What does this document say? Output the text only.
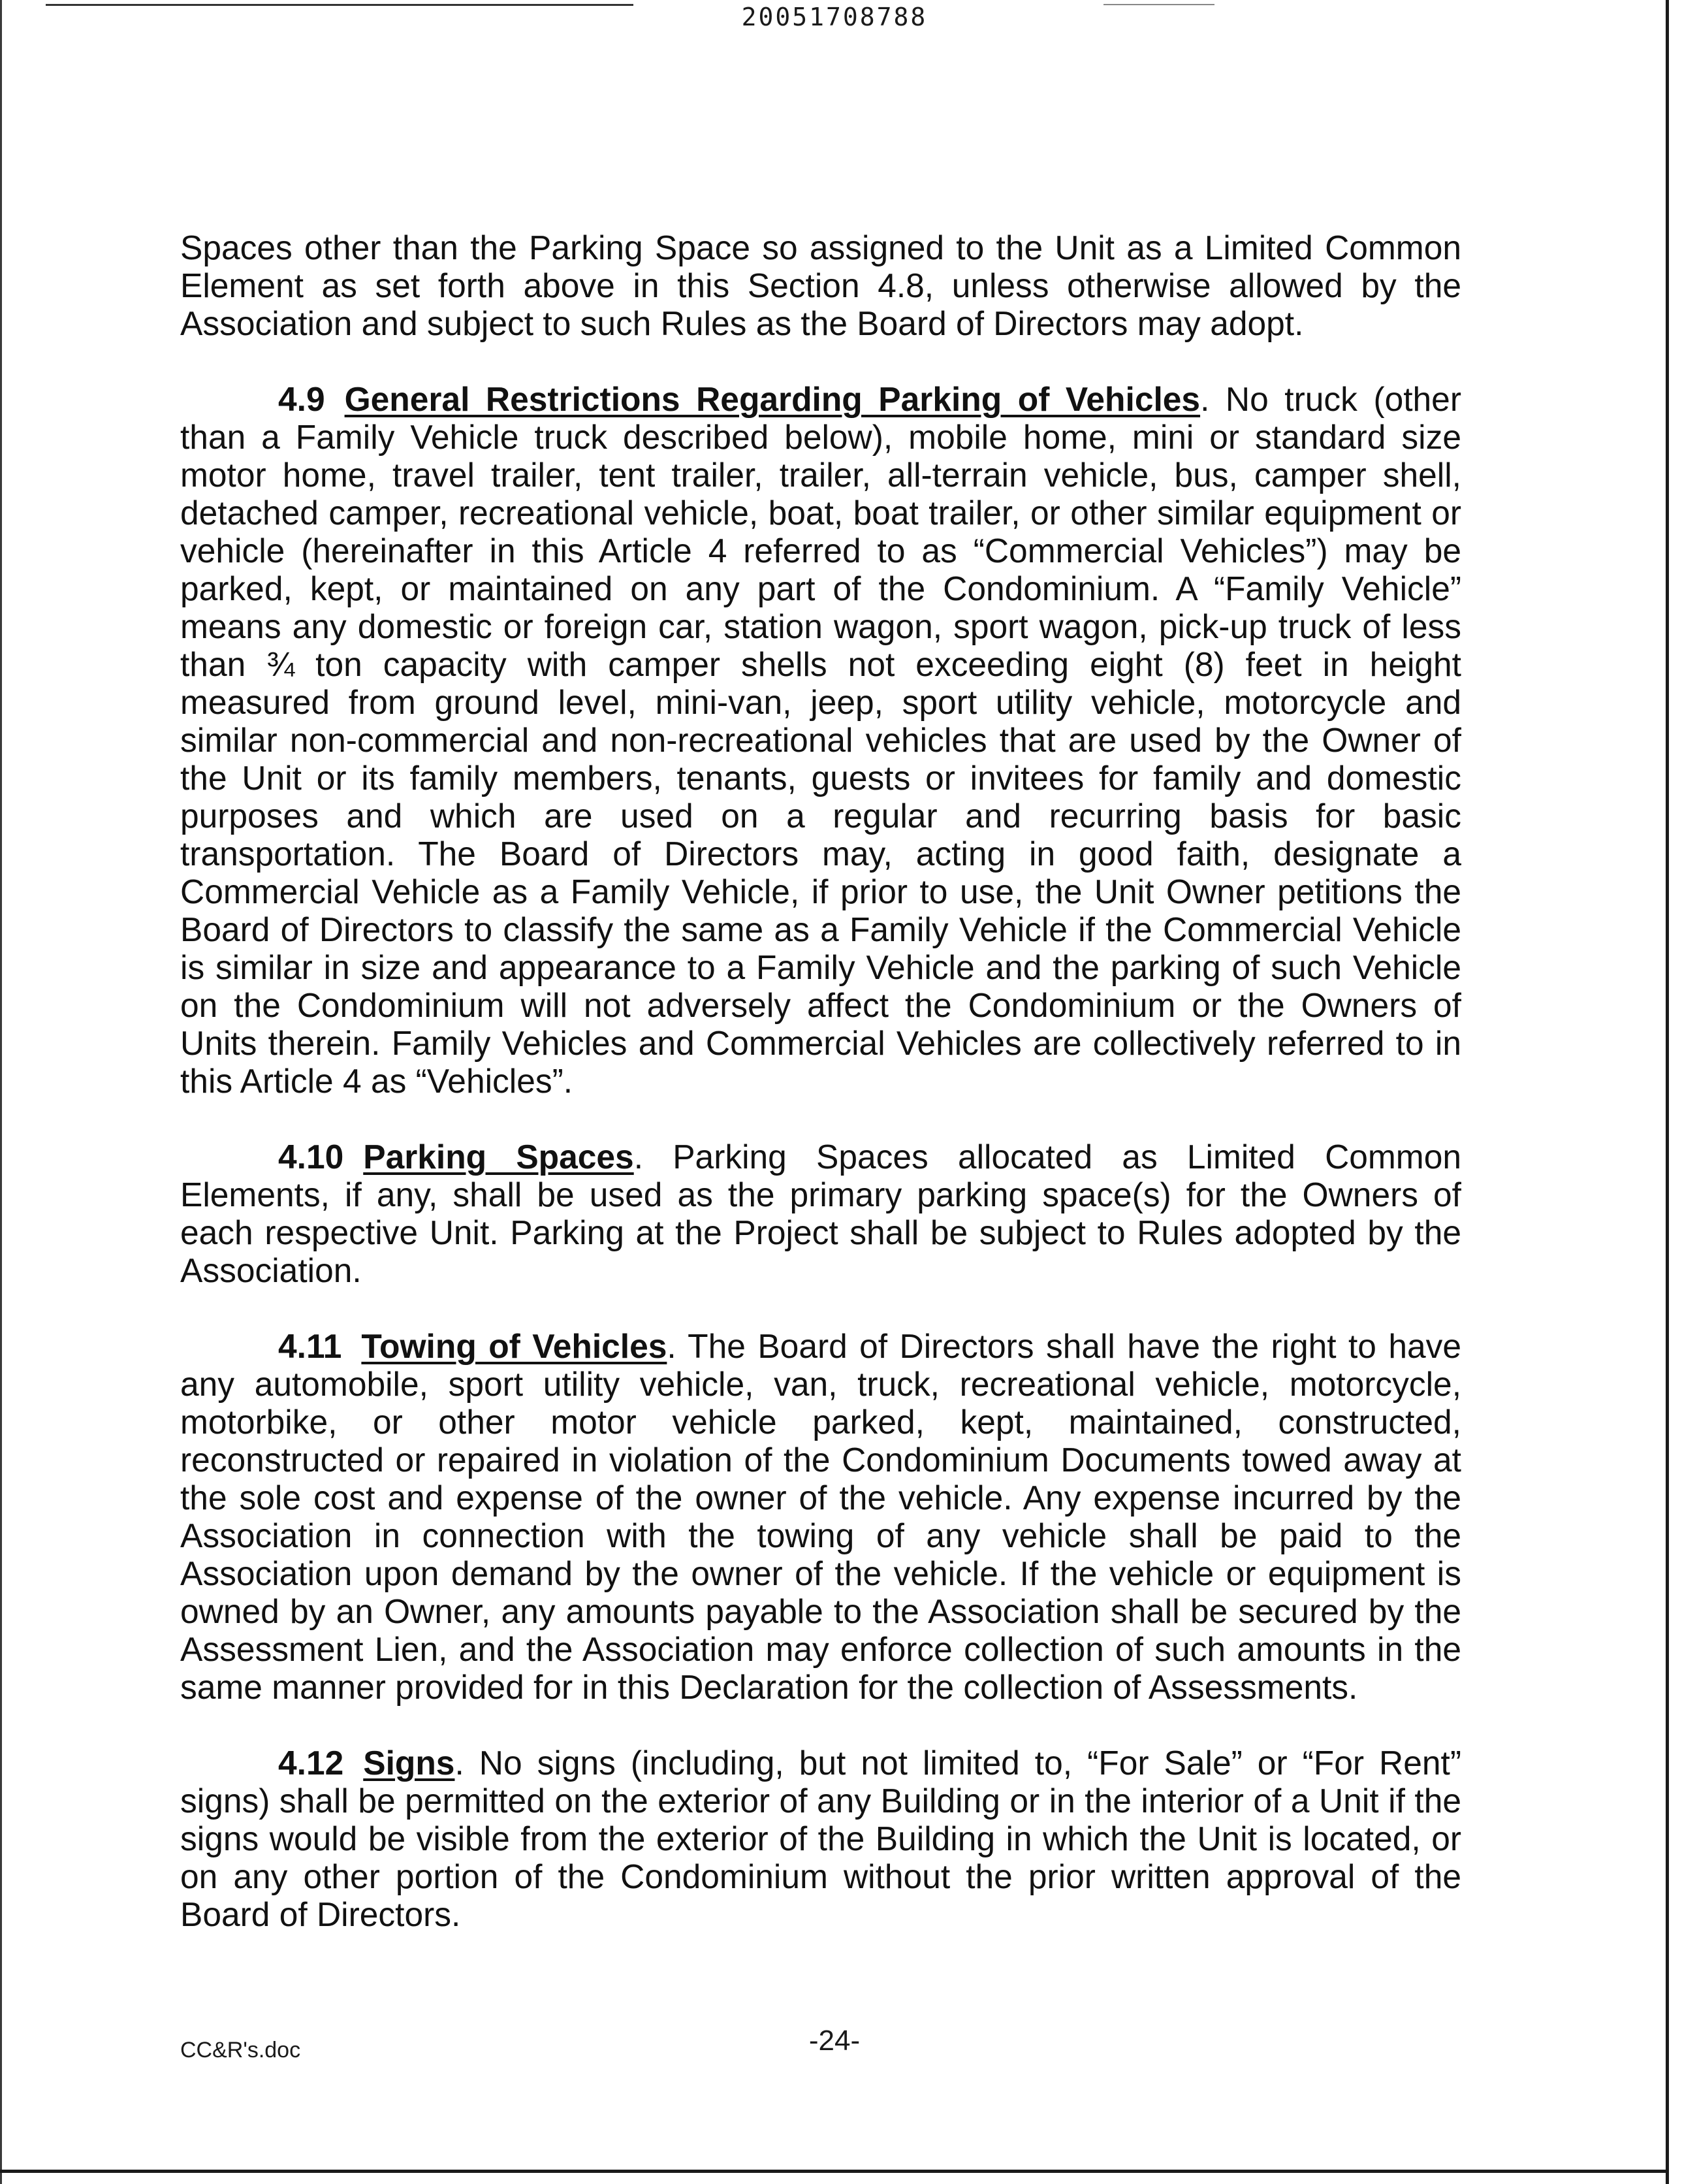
20051708788

Spaces other than the Parking Space so assigned to the Unit as a Limited Common Element as set forth above in this Section 4.8, unless otherwise allowed by the Association and subject to such Rules as the Board of Directors may adopt.

4.9 General Restrictions Regarding Parking of Vehicles. No truck (other than a Family Vehicle truck described below), mobile home, mini or standard size motor home, travel trailer, tent trailer, trailer, all-terrain vehicle, bus, camper shell, detached camper, recreational vehicle, boat, boat trailer, or other similar equipment or vehicle (hereinafter in this Article 4 referred to as “Commercial Vehicles”) may be parked, kept, or maintained on any part of the Condominium. A “Family Vehicle” means any domestic or foreign car, station wagon, sport wagon, pick-up truck of less than ¾ ton capacity with camper shells not exceeding eight (8) feet in height measured from ground level, mini-van, jeep, sport utility vehicle, motorcycle and similar non-commercial and non-recreational vehicles that are used by the Owner of the Unit or its family members, tenants, guests or invitees for family and domestic purposes and which are used on a regular and recurring basis for basic transportation. The Board of Directors may, acting in good faith, designate a Commercial Vehicle as a Family Vehicle, if prior to use, the Unit Owner petitions the Board of Directors to classify the same as a Family Vehicle if the Commercial Vehicle is similar in size and appearance to a Family Vehicle and the parking of such Vehicle on the Condominium will not adversely affect the Condominium or the Owners of Units therein. Family Vehicles and Commercial Vehicles are collectively referred to in this Article 4 as “Vehicles”.

4.10 Parking Spaces. Parking Spaces allocated as Limited Common Elements, if any, shall be used as the primary parking space(s) for the Owners of each respective Unit. Parking at the Project shall be subject to Rules adopted by the Association.

4.11 Towing of Vehicles. The Board of Directors shall have the right to have any automobile, sport utility vehicle, van, truck, recreational vehicle, motorcycle, motorbike, or other motor vehicle parked, kept, maintained, constructed, reconstructed or repaired in violation of the Condominium Documents towed away at the sole cost and expense of the owner of the vehicle. Any expense incurred by the Association in connection with the towing of any vehicle shall be paid to the Association upon demand by the owner of the vehicle. If the vehicle or equipment is owned by an Owner, any amounts payable to the Association shall be secured by the Assessment Lien, and the Association may enforce collection of such amounts in the same manner provided for in this Declaration for the collection of Assessments.

4.12 Signs. No signs (including, but not limited to, “For Sale” or “For Rent” signs) shall be permitted on the exterior of any Building or in the interior of a Unit if the signs would be visible from the exterior of the Building in which the Unit is located, or on any other portion of the Condominium without the prior written approval of the Board of Directors.

CC&R's.doc	-24-
